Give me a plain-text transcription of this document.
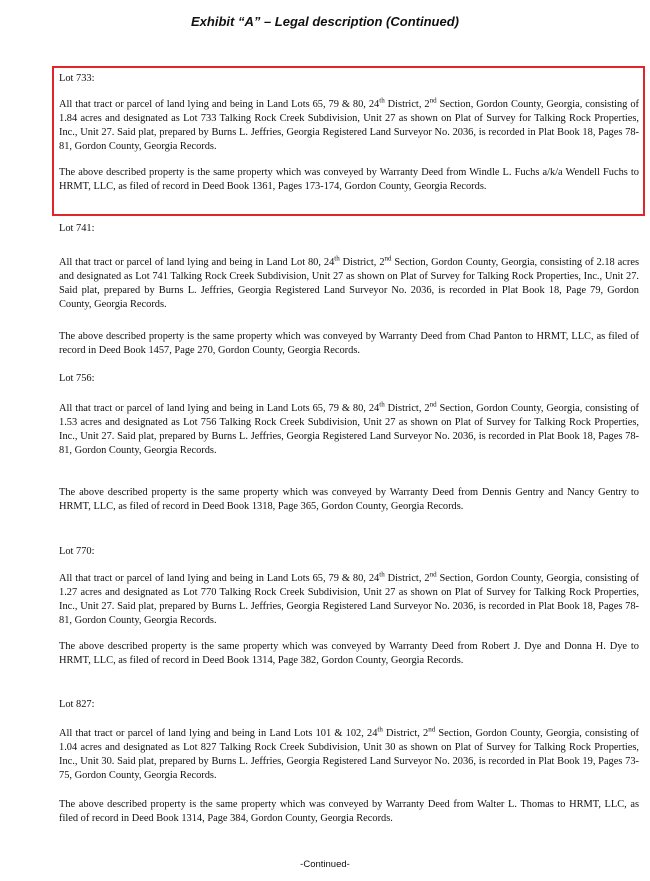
Exhibit “A” – Legal description (Continued)

Lot 733:

All that tract or parcel of land lying and being in Land Lots 65, 79 & 80, 24th District, 2nd Section, Gordon County, Georgia, consisting of 1.84 acres and designated as Lot 733 Talking Rock Creek Subdivision, Unit 27 as shown on Plat of Survey for Talking Rock Properties, Inc., Unit 27. Said plat, prepared by Burns L. Jeffries, Georgia Registered Land Surveyor No. 2036, is recorded in Plat Book 18, Pages 78-81, Gordon County, Georgia Records.

The above described property is the same property which was conveyed by Warranty Deed from Windle L. Fuchs a/k/a Wendell Fuchs to HRMT, LLC, as filed of record in Deed Book 1361, Pages 173-174, Gordon County, Georgia Records.

Lot 741:

All that tract or parcel of land lying and being in Land Lot 80, 24th District, 2nd Section, Gordon County, Georgia, consisting of 2.18 acres and designated as Lot 741 Talking Rock Creek Subdivision, Unit 27 as shown on Plat of Survey for Talking Rock Properties, Inc., Unit 27. Said plat, prepared by Burns L. Jeffries, Georgia Registered Land Surveyor No. 2036, is recorded in Plat Book 18, Page 79, Gordon County, Georgia Records.

The above described property is the same property which was conveyed by Warranty Deed from Chad Panton to HRMT, LLC, as filed of record in Deed Book 1457, Page 270, Gordon County, Georgia Records.

Lot 756:

All that tract or parcel of land lying and being in Land Lots 65, 79 & 80, 24th District, 2nd Section, Gordon County, Georgia, consisting of 1.53 acres and designated as Lot 756 Talking Rock Creek Subdivision, Unit 27 as shown on Plat of Survey for Talking Rock Properties, Inc., Unit 27. Said plat, prepared by Burns L. Jeffries, Georgia Registered Land Surveyor No. 2036, is recorded in Plat Book 18, Pages 78-81, Gordon County, Georgia Records.

The above described property is the same property which was conveyed by Warranty Deed from Dennis Gentry and Nancy Gentry to HRMT, LLC, as filed of record in Deed Book 1318, Page 365, Gordon County, Georgia Records.

Lot 770:

All that tract or parcel of land lying and being in Land Lots 65, 79 & 80, 24th District, 2nd Section, Gordon County, Georgia, consisting of 1.27 acres and designated as Lot 770 Talking Rock Creek Subdivision, Unit 27 as shown on Plat of Survey for Talking Rock Properties, Inc., Unit 27. Said plat, prepared by Burns L. Jeffries, Georgia Registered Land Surveyor No. 2036, is recorded in Plat Book 18, Pages 78-81, Gordon County, Georgia Records.

The above described property is the same property which was conveyed by Warranty Deed from Robert J. Dye and Donna H. Dye to HRMT, LLC, as filed of record in Deed Book 1314, Page 382, Gordon County, Georgia Records.

Lot 827:

All that tract or parcel of land lying and being in Land Lots 101 & 102, 24th District, 2nd Section, Gordon County, Georgia, consisting of 1.04 acres and designated as Lot 827 Talking Rock Creek Subdivision, Unit 30 as shown on Plat of Survey for Talking Rock Properties, Inc., Unit 30. Said plat, prepared by Burns L. Jeffries, Georgia Registered Land Surveyor No. 2036, is recorded in Plat Book 19, Pages 73-75, Gordon County, Georgia Records.

The above described property is the same property which was conveyed by Warranty Deed from Walter L. Thomas to HRMT, LLC, as filed of record in Deed Book 1314, Page 384, Gordon County, Georgia Records.

-Continued-
